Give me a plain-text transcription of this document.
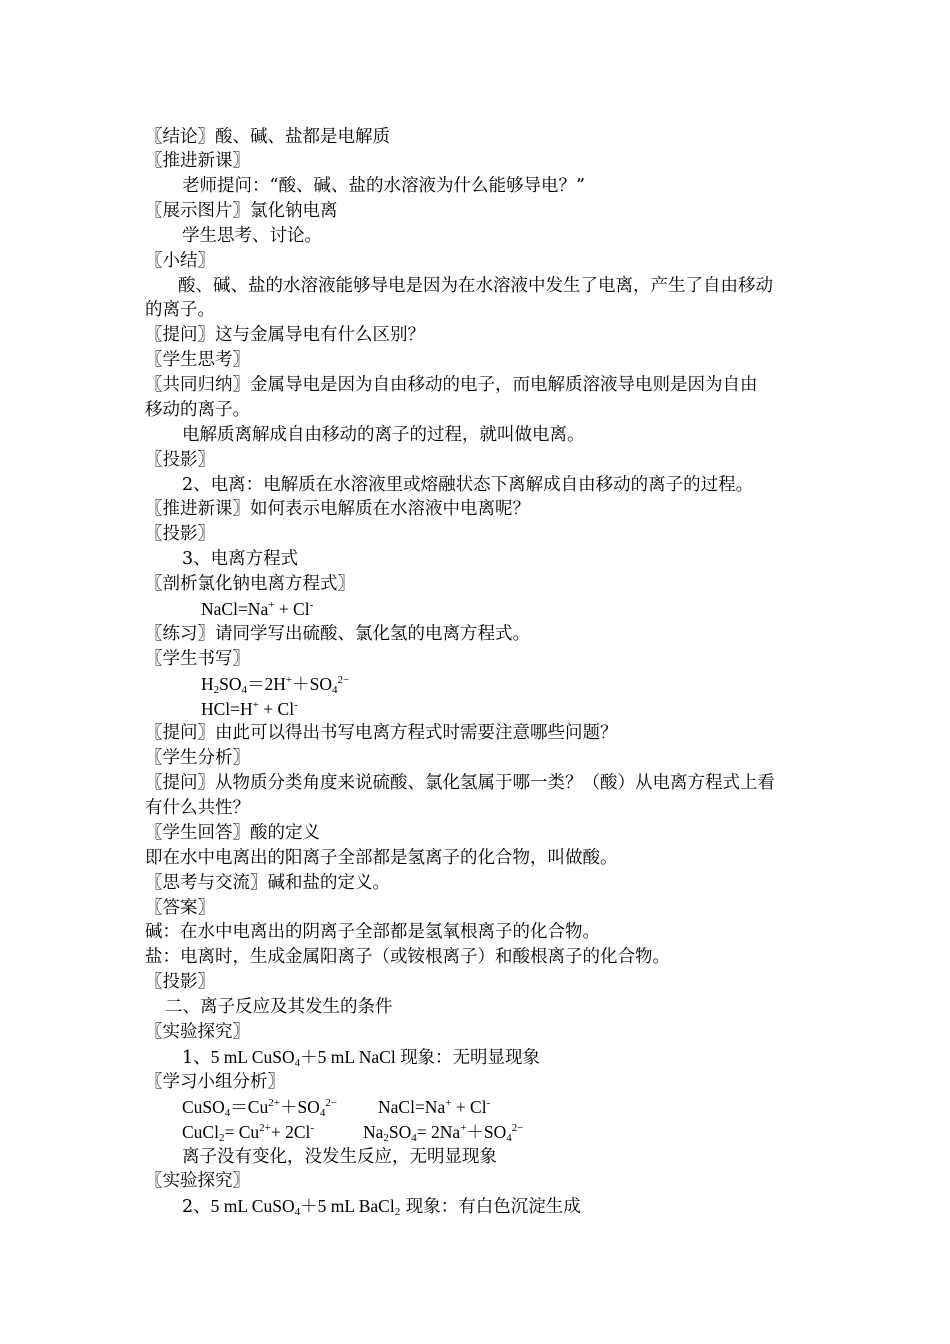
〖结论〗酸、碱、盐都是电解质
〖推进新课〗
老师提问：“酸、碱、盐的水溶液为什么能够导电？”
〖展示图片〗氯化钠电离
学生思考、讨论。
〖小结〗
酸、碱、盐的水溶液能够导电是因为在水溶液中发生了电离，产生了自由移动
的离子。
〖提问〗这与金属导电有什么区别？
〖学生思考〗
〖共同归纳〗金属导电是因为自由移动的电子，而电解质溶液导电则是因为自由
移动的离子。
电解质离解成自由移动的离子的过程，就叫做电离。
〖投影〗
2、电离：电解质在水溶液里或熔融状态下离解成自由移动的离子的过程。
〖推进新课〗如何表示电解质在水溶液中电离呢？
〖投影〗
3、电离方程式
〖剖析氯化钠电离方程式〗
NaCl=Na+ + Cl-
〖练习〗请同学写出硫酸、氯化氢的电离方程式。
〖学生书写〗
$H_2SO_4=2H^++SO_4^{2-}$
HCl=H+ + Cl-
〖提问〗由此可以得出书写电离方程式时需要注意哪些问题？
〖学生分析〗
〖提问〗从物质分类角度来说硫酸、氯化氢属于哪一类？（酸）从电离方程式上看
有什么共性？
〖学生回答〗酸的定义
即在水中电离出的阳离子全部都是氢离子的化合物，叫做酸。
〖思考与交流〗碱和盐的定义。
〖答案〗
碱：在水中电离出的阴离子全部都是氢氧根离子的化合物。
盐：电离时，生成金属阳离子（或铵根离子）和酸根离子的化合物。
〖投影〗
二、离子反应及其发生的条件
〖实验探究〗
1、5 mL CuSO$_4$＋5 mL NaCl 现象：无明显现象
〖学习小组分析〗
$CuSO_4=Cu^{2+}+SO_4^{2-}$ NaCl=Na+ + Cl-
CuCl$_2$= $Cu^{2+}+ 2Cl^-$	$Na_2SO_4= 2Na^++SO_4^{2-}$
离子没有变化，没发生反应，无明显现象
〖实验探究〗
2、5 mL CuSO$_4$＋5 mL BaCl$_2$ 现象：有白色沉淀生成
